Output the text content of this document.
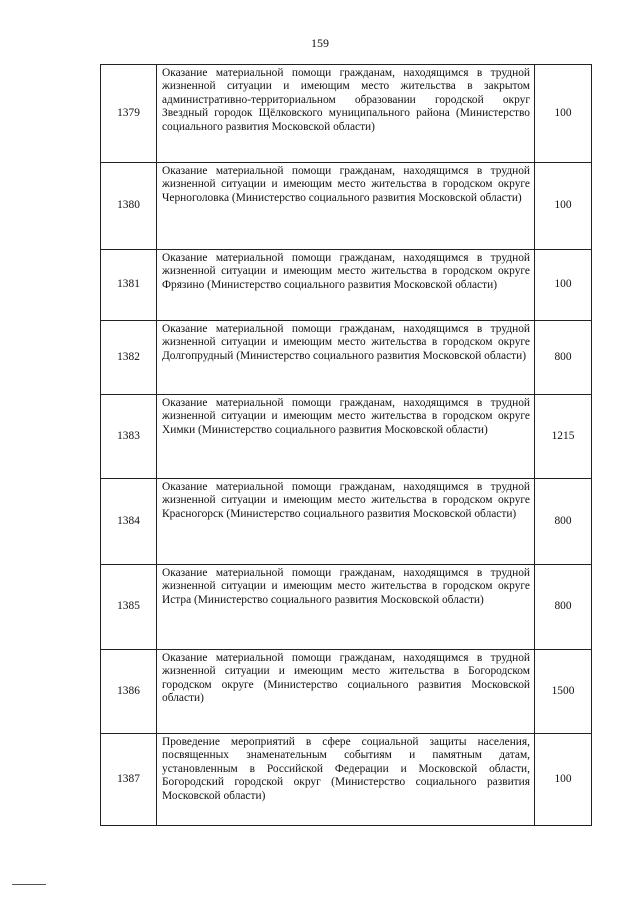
159
1379	Оказание материальной помощи гражданам, находящимся в трудной жизненной ситуации и имеющим место жительства в закрытом административно-территориальном образовании городской округ Звездный городок Щёлковского муниципального района (Министерство социального развития Московской области)	100
1380	Оказание материальной помощи гражданам, находящимся в трудной жизненной ситуации и имеющим место жительства в городском округе Черноголовка (Министерство социального развития Московской области)	100
1381	Оказание материальной помощи гражданам, находящимся в трудной жизненной ситуации и имеющим место жительства в городском округе Фрязино (Министерство социального развития Московской области)	100
1382	Оказание материальной помощи гражданам, находящимся в трудной жизненной ситуации и имеющим место жительства в городском округе Долгопрудный (Министерство социального развития Московской области)	800
1383	Оказание материальной помощи гражданам, находящимся в трудной жизненной ситуации и имеющим место жительства в городском округе Химки (Министерство социального развития Московской области)	1215
1384	Оказание материальной помощи гражданам, находящимся в трудной жизненной ситуации и имеющим место жительства в городском округе Красногорск (Министерство социального развития Московской области)	800
1385	Оказание материальной помощи гражданам, находящимся в трудной жизненной ситуации и имеющим место жительства в городском округе Истра (Министерство социального развития Московской области)	800
1386	Оказание материальной помощи гражданам, находящимся в трудной жизненной ситуации и имеющим место жительства в Богородском городском округе (Министерство социального развития Московской области)	1500
1387	Проведение мероприятий в сфере социальной защиты населения, посвященных знаменательным событиям и памятным датам, установленным в Российской Федерации и Московской области, Богородский городской округ (Министерство социального развития Московской области)	100
